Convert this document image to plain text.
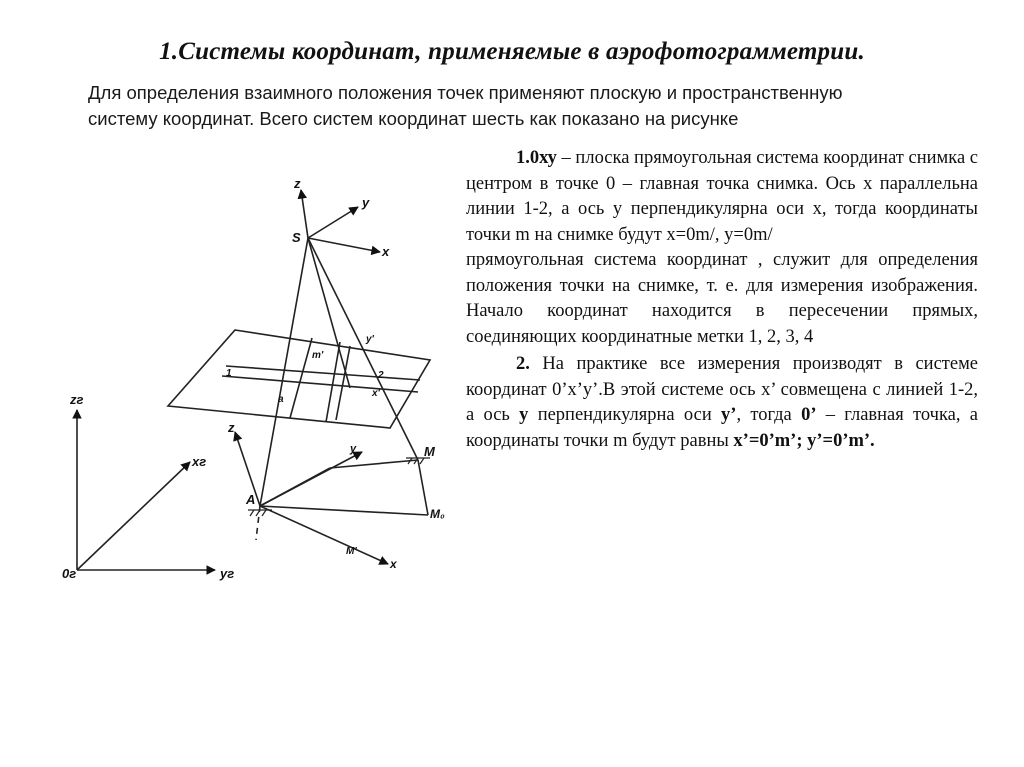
1.Системы координат, применяемые в аэрофотограмметрии.
Для определения взаимного положения точек применяют плоскую и пространственную
систему координат. Всего систем координат шесть как показано на рисунке

1.0ху – плоска прямоугольная система координат снимка с центром в точке 0 – главная точка снимка. Ось х параллельна линии 1-2, а ось у перпендикулярна оси х, тогда координаты точки m на снимке будут х=0m/, у=0m/

прямоугольная система координат , служит для определения положения точки на снимке, т. е. для измерения изображения. Начало координат находится в пересечении прямых, соединяющих координатные метки 1, 2, 3, 4

2. На практике все измерения производят в системе координат 0’х’у’.В этой системе ось х’ совмещена с линией 1-2, а ось у перпендикулярна оси у’, тогда 0’ – главная точка, а координаты точки m будут равны х’=0’m’; у’=0’m’.

z
y
S
x
m'
y'
1	2
a
x'
z
y	M
A
M₀
M'
x
zг
xг
0г	yг
